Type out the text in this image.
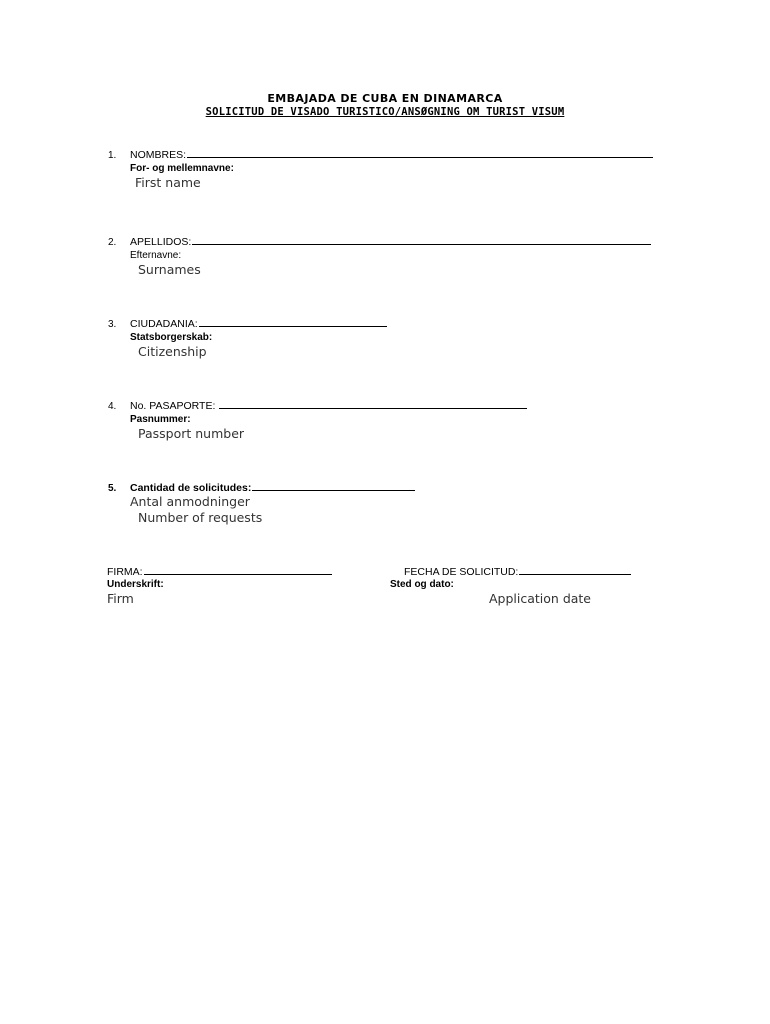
EMBAJADA DE CUBA EN DINAMARCA
SOLICITUD DE VISADO TURISTICO/ANSØGNING OM TURIST VISUM
1. NOMBRES:
For- og mellemnavne:
First name
2. APELLIDOS:
Efternavne:
Surnames
3. CIUDADANIA:
Statsborgerskab:
Citizenship
4. No. PASAPORTE:
Pasnummer:
Passport number
5. Cantidad de solicitudes:
Antal anmodninger
Number of requests
FIRMA:
Underskrift:
Firm
FECHA DE SOLICITUD:
Sted og dato:
Application date
